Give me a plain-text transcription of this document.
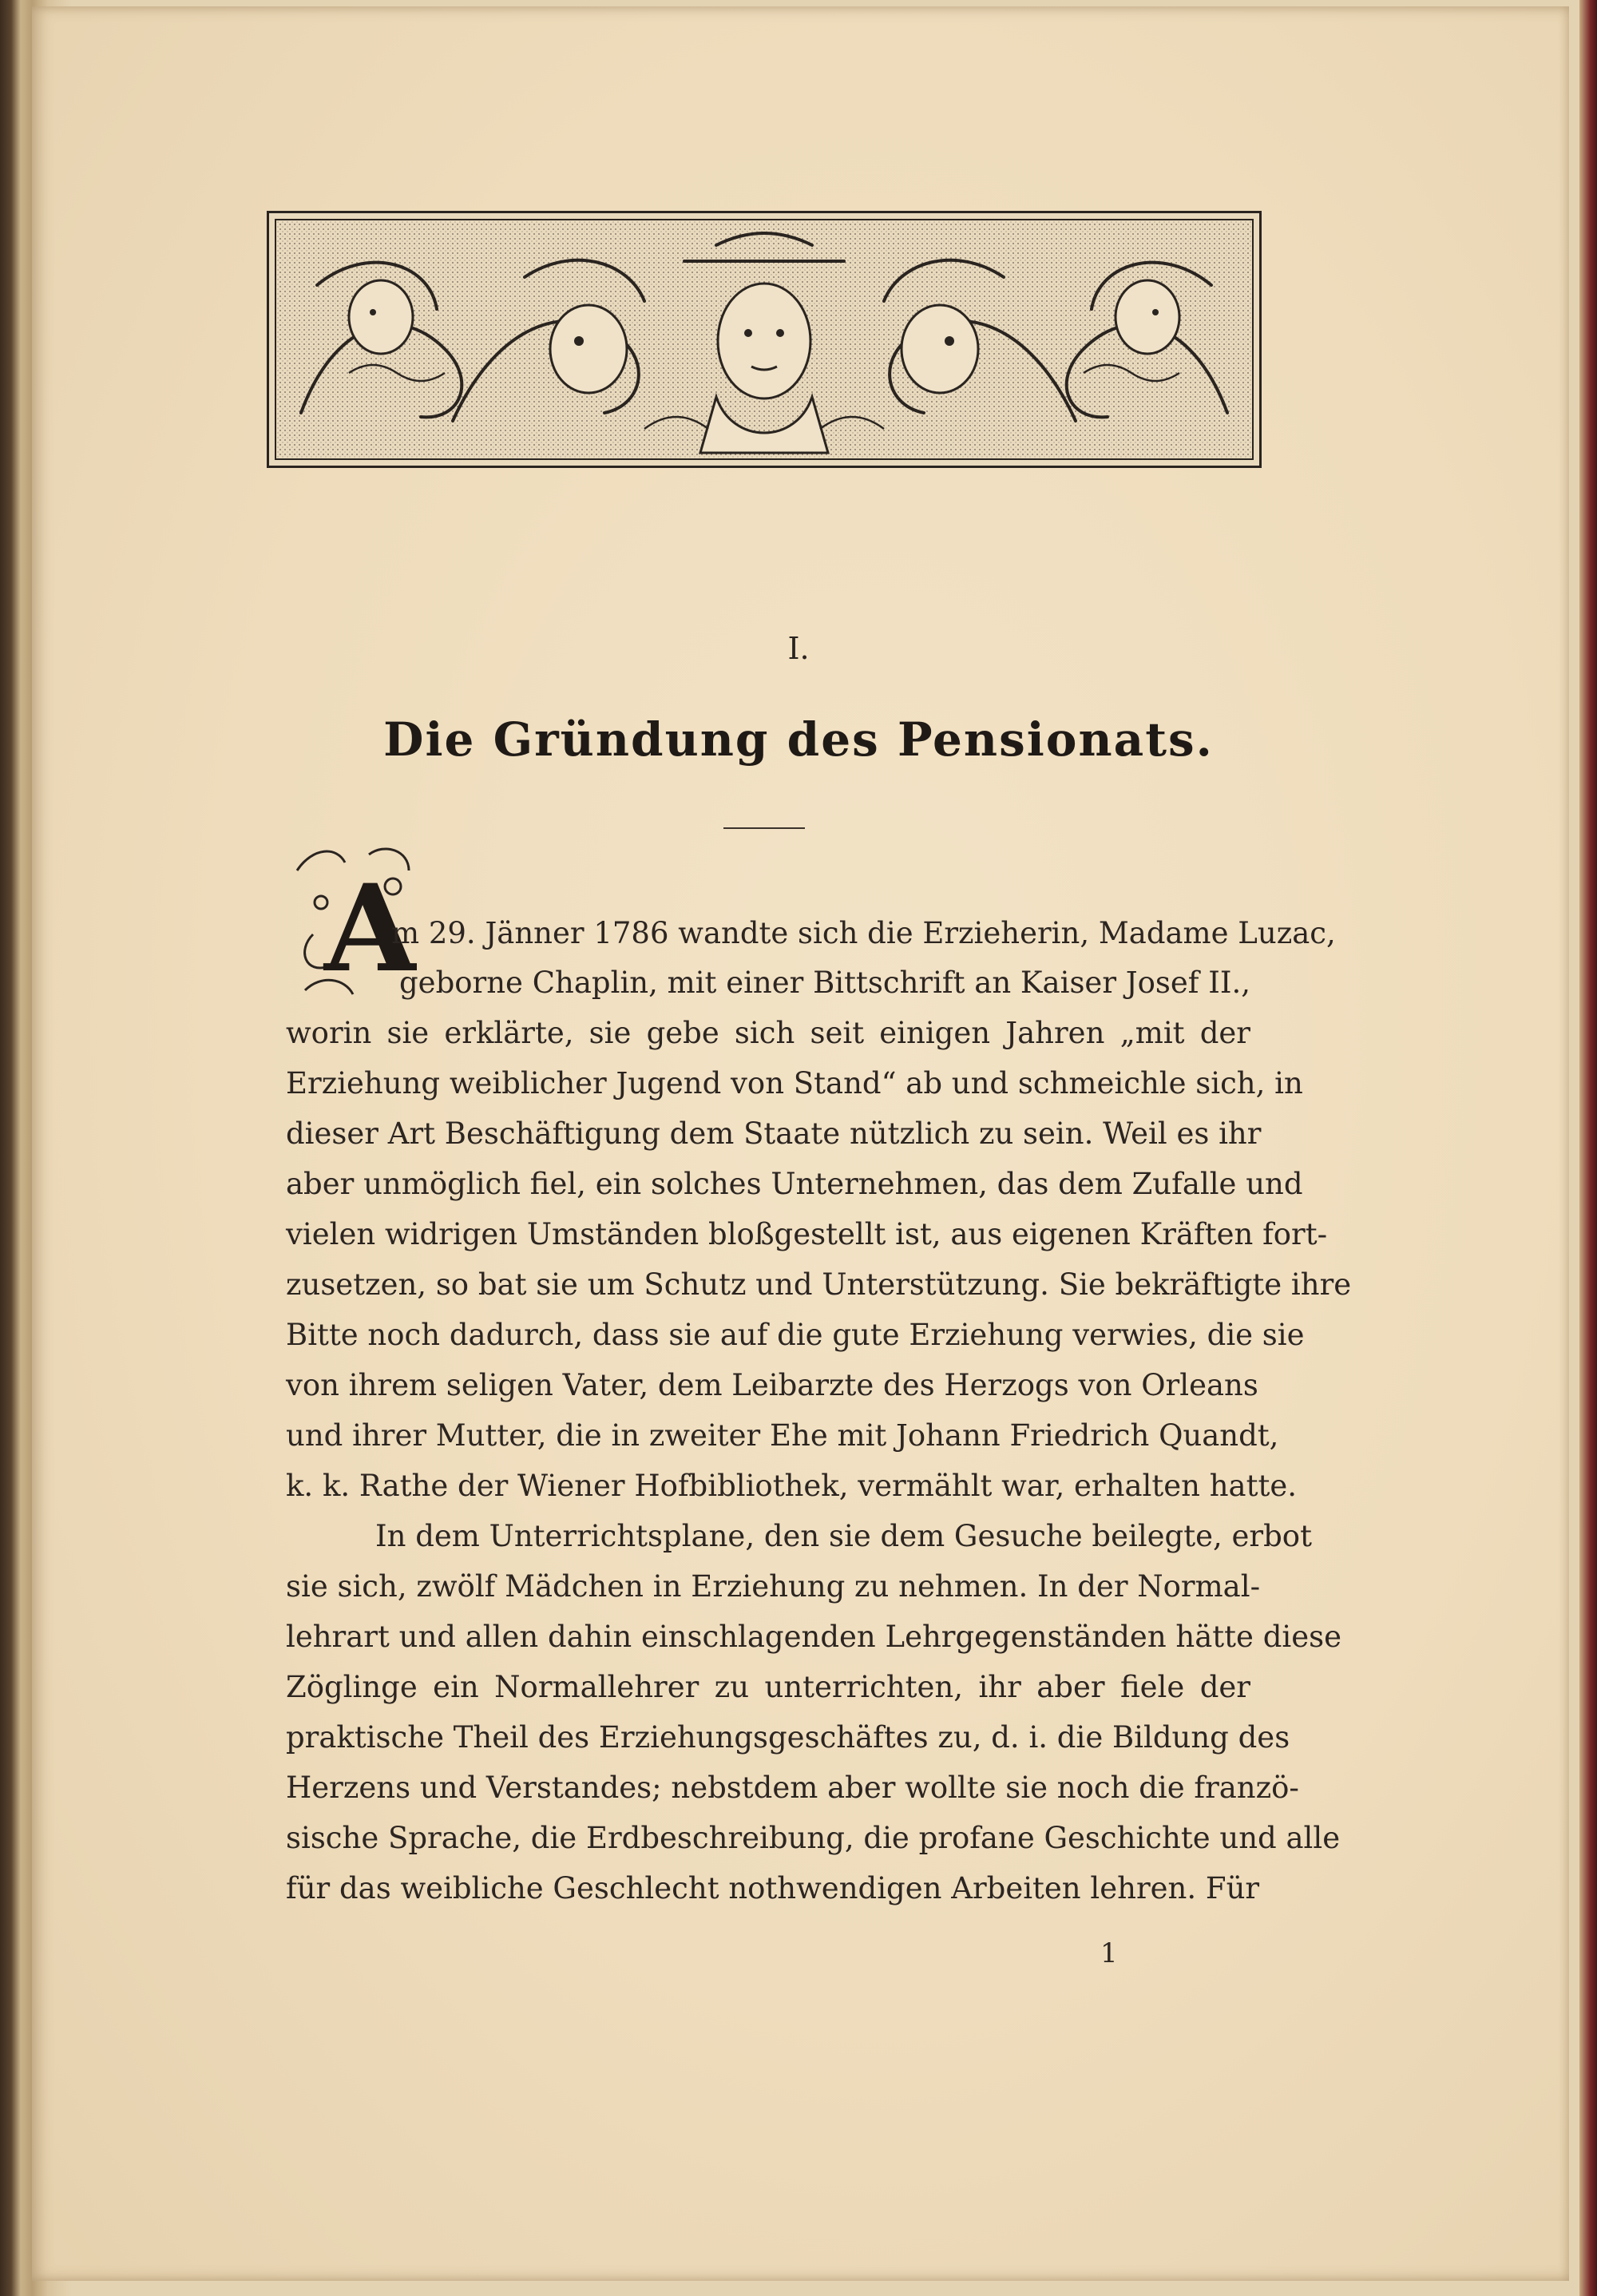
I.
Die Gründung des Pensionats.
A
m 29. Jänner 1786 wandte sich die Erzieherin, Madame Luzac,
geborne Chaplin, mit einer Bittschrift an Kaiser Josef II.,
worin sie erklärte, sie gebe sich seit einigen Jahren „mit der
Erziehung weiblicher Jugend von Stand“ ab und schmeichle sich, in
dieser Art Beschäftigung dem Staate nützlich zu sein. Weil es ihr
aber unmöglich fiel, ein solches Unternehmen, das dem Zufalle und
vielen widrigen Umständen bloßgestellt ist, aus eigenen Kräften fort-
zusetzen, so bat sie um Schutz und Unterstützung. Sie bekräftigte ihre
Bitte noch dadurch, dass sie auf die gute Erziehung verwies, die sie
von ihrem seligen Vater, dem Leibarzte des Herzogs von Orleans
und ihrer Mutter, die in zweiter Ehe mit Johann Friedrich Quandt,
k. k. Rathe der Wiener Hofbibliothek, vermählt war, erhalten hatte.
In dem Unterrichtsplane, den sie dem Gesuche beilegte, erbot
sie sich, zwölf Mädchen in Erziehung zu nehmen. In der Normal-
lehrart und allen dahin einschlagenden Lehrgegenständen hätte diese
Zöglinge ein Normallehrer zu unterrichten, ihr aber fiele der
praktische Theil des Erziehungsgeschäftes zu, d. i. die Bildung des
Herzens und Verstandes; nebstdem aber wollte sie noch die franzö-
sische Sprache, die Erdbeschreibung, die profane Geschichte und alle
für das weibliche Geschlecht nothwendigen Arbeiten lehren. Für
1
